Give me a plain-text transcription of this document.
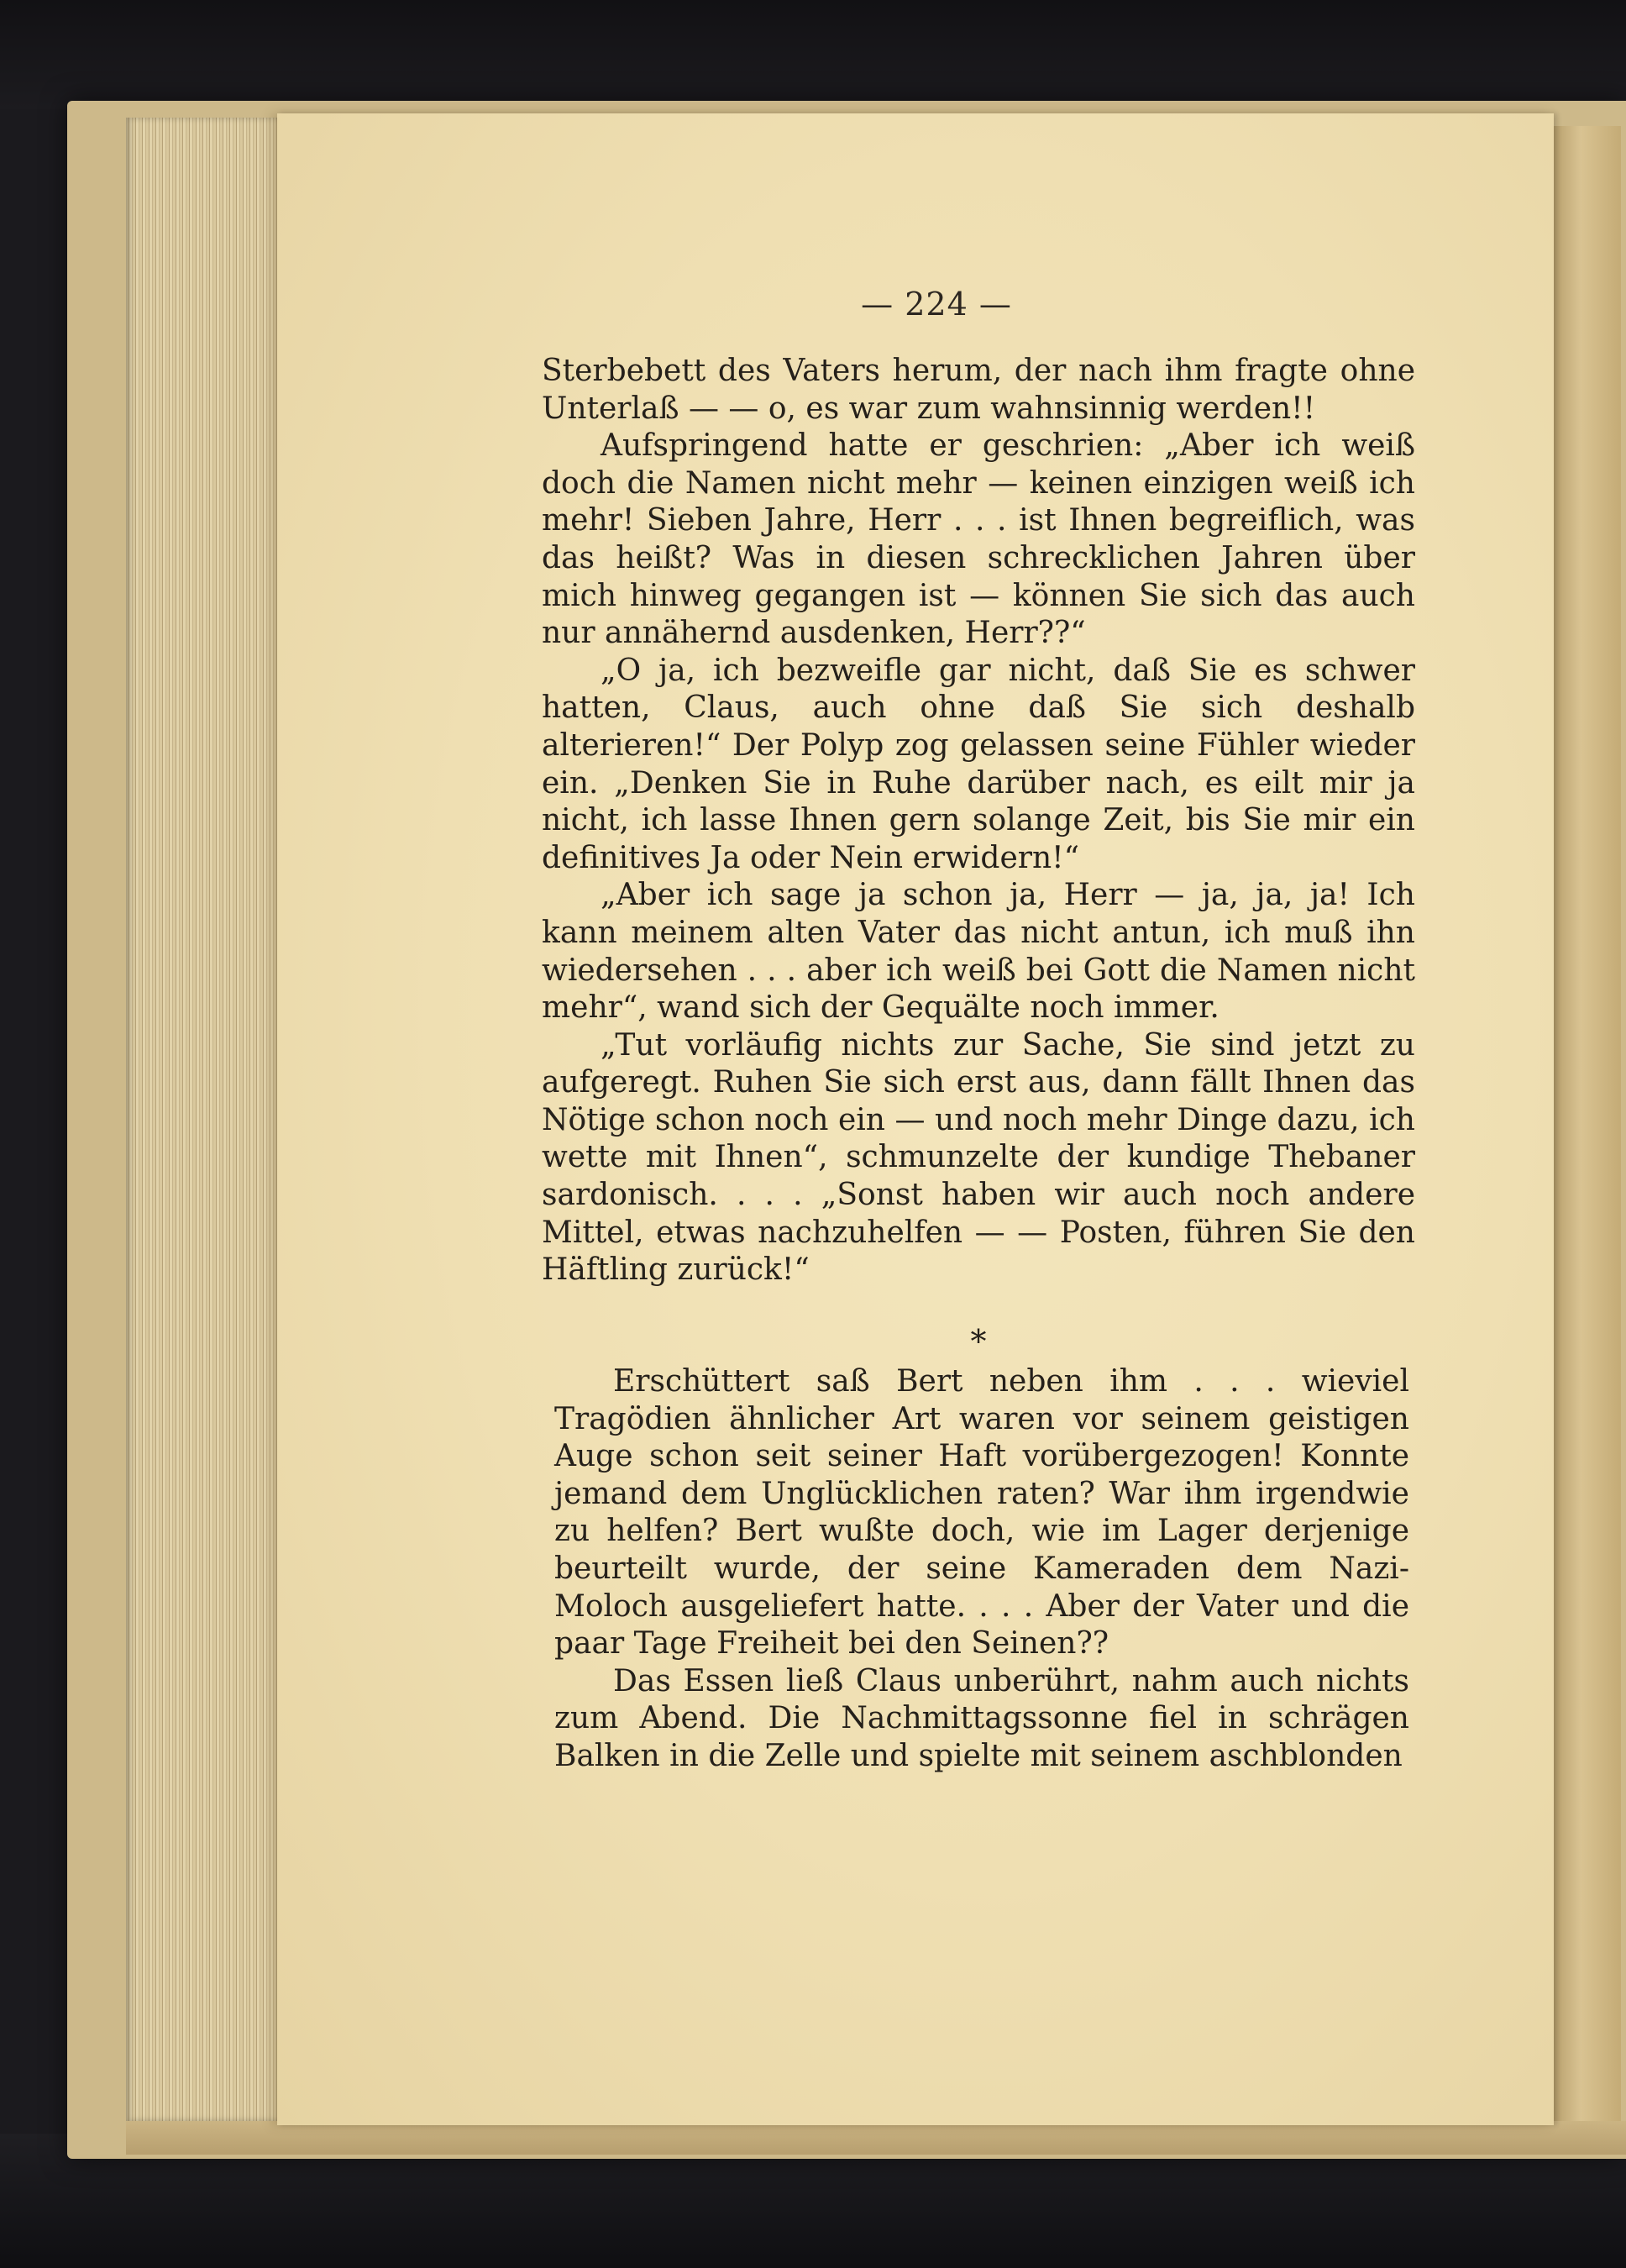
— 224 —

Sterbebett des Vaters herum, der nach ihm fragte ohne Unterlaß — — o, es war zum wahnsinnig werden!!

Aufspringend hatte er geschrien: „Aber ich weiß doch die Namen nicht mehr — keinen einzigen weiß ich mehr! Sieben Jahre, Herr . . . ist Ihnen begreiflich, was das heißt? Was in diesen schrecklichen Jahren über mich hinweg gegangen ist — können Sie sich das auch nur annähernd ausdenken, Herr??“

„O ja, ich bezweifle gar nicht, daß Sie es schwer hatten, Claus, auch ohne daß Sie sich deshalb alterieren!“ Der Polyp zog gelassen seine Fühler wieder ein. „Denken Sie in Ruhe darüber nach, es eilt mir ja nicht, ich lasse Ihnen gern solange Zeit, bis Sie mir ein definitives Ja oder Nein erwidern!“

„Aber ich sage ja schon ja, Herr — ja, ja, ja! Ich kann meinem alten Vater das nicht antun, ich muß ihn wiedersehen . . . aber ich weiß bei Gott die Namen nicht mehr“, wand sich der Gequälte noch immer.

„Tut vorläufig nichts zur Sache, Sie sind jetzt zu aufgeregt. Ruhen Sie sich erst aus, dann fällt Ihnen das Nötige schon noch ein — und noch mehr Dinge dazu, ich wette mit Ihnen“, schmunzelte der kundige Thebaner sardonisch. . . . „Sonst haben wir auch noch andere Mittel, etwas nachzuhelfen — — Posten, führen Sie den Häftling zurück!“

*

Erschüttert saß Bert neben ihm . . . wieviel Tragödien ähnlicher Art waren vor seinem geistigen Auge schon seit seiner Haft vorübergezogen! Konnte jemand dem Unglücklichen raten? War ihm irgendwie zu helfen? Bert wußte doch, wie im Lager derjenige beurteilt wurde, der seine Kameraden dem Nazi-Moloch ausgeliefert hatte. . . . Aber der Vater und die paar Tage Freiheit bei den Seinen??

Das Essen ließ Claus unberührt, nahm auch nichts zum Abend. Die Nachmittagssonne fiel in schrägen Balken in die Zelle und spielte mit seinem aschblonden
